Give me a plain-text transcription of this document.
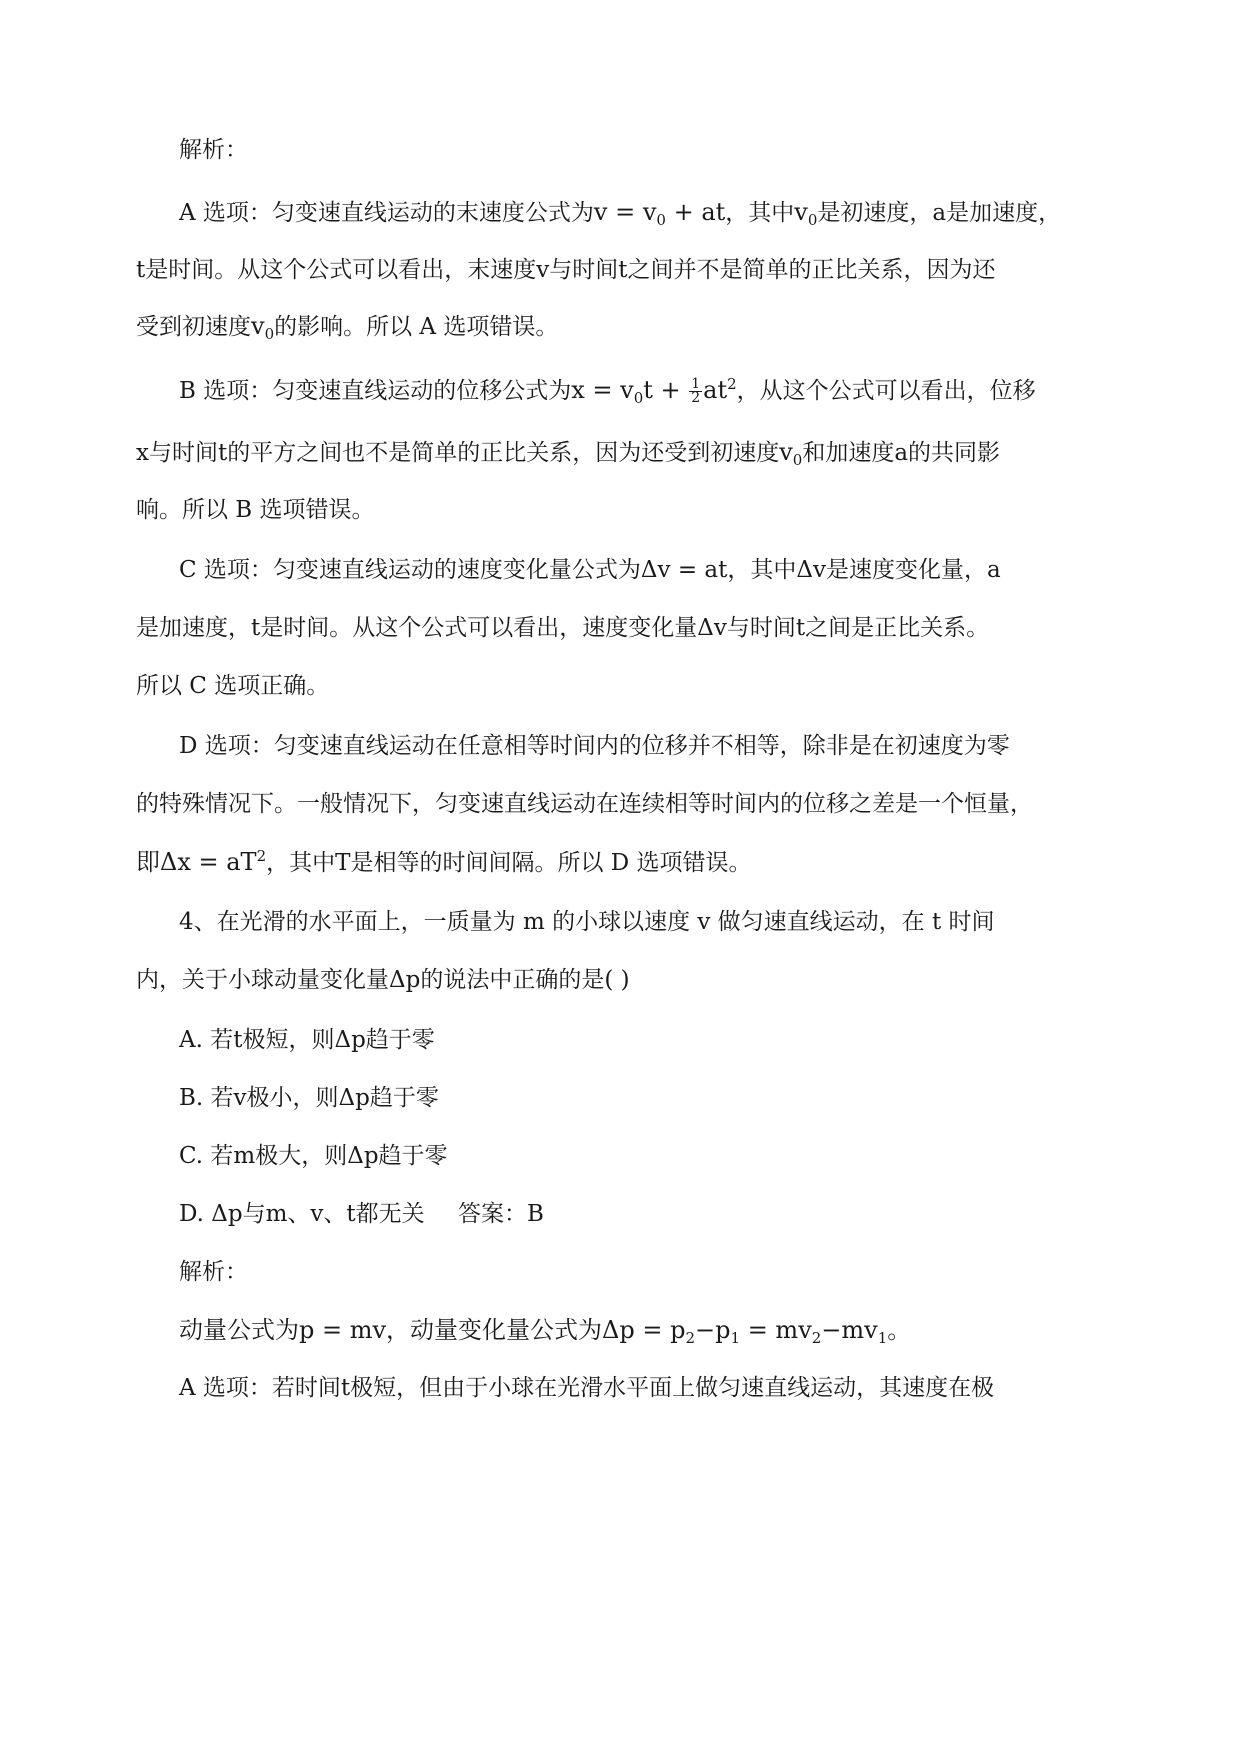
解析：
A 选项：匀变速直线运动的末速度公式为$v = v_0$ + at，其中$v_0$是初速度，a是加速度，
t是时间。从这个公式可以看出，末速度v与时间t之间并不是简单的正比关系，因为还
受到初速度$v_0$的影响。所以 A 选项错误。
B 选项：匀变速直线运动的位移公式为$x = v_0t + \frac{1}{2} at^2$，从这个公式可以看出，位移
x与时间t的平方之间也不是简单的正比关系，因为还受到初速度$v_0$和加速度a的共同影
响。所以 B 选项错误。
C 选项：匀变速直线运动的速度变化量公式为Δv = at，其中Δv是速度变化量，a
是加速度，t是时间。从这个公式可以看出，速度变化量Δv与时间t之间是正比关系。
所以 C 选项正确。
D 选项：匀变速直线运动在任意相等时间内的位移并不相等，除非是在初速度为零
的特殊情况下。一般情况下，匀变速直线运动在连续相等时间内的位移之差是一个恒量，
即$\Delta x = aT^2$，其中T是相等的时间间隔。所以 D 选项错误。
4、在光滑的水平面上，一质量为 m 的小球以速度 v 做匀速直线运动，在 t 时间
内，关于小球动量变化量Δp的说法中正确的是( )
A. 若t极短，则Δp趋于零
B. 若v极小，则Δp趋于零
C. 若m极大，则Δp趋于零
D. Δp与m、v、t都无关 答案：B
解析：
动量公式为p = mv，动量变化量公式为$\Delta p = p_2-p_1 = mv_2-mv_1$。
A 选项：若时间t极短，但由于小球在光滑水平面上做匀速直线运动，其速度在极
